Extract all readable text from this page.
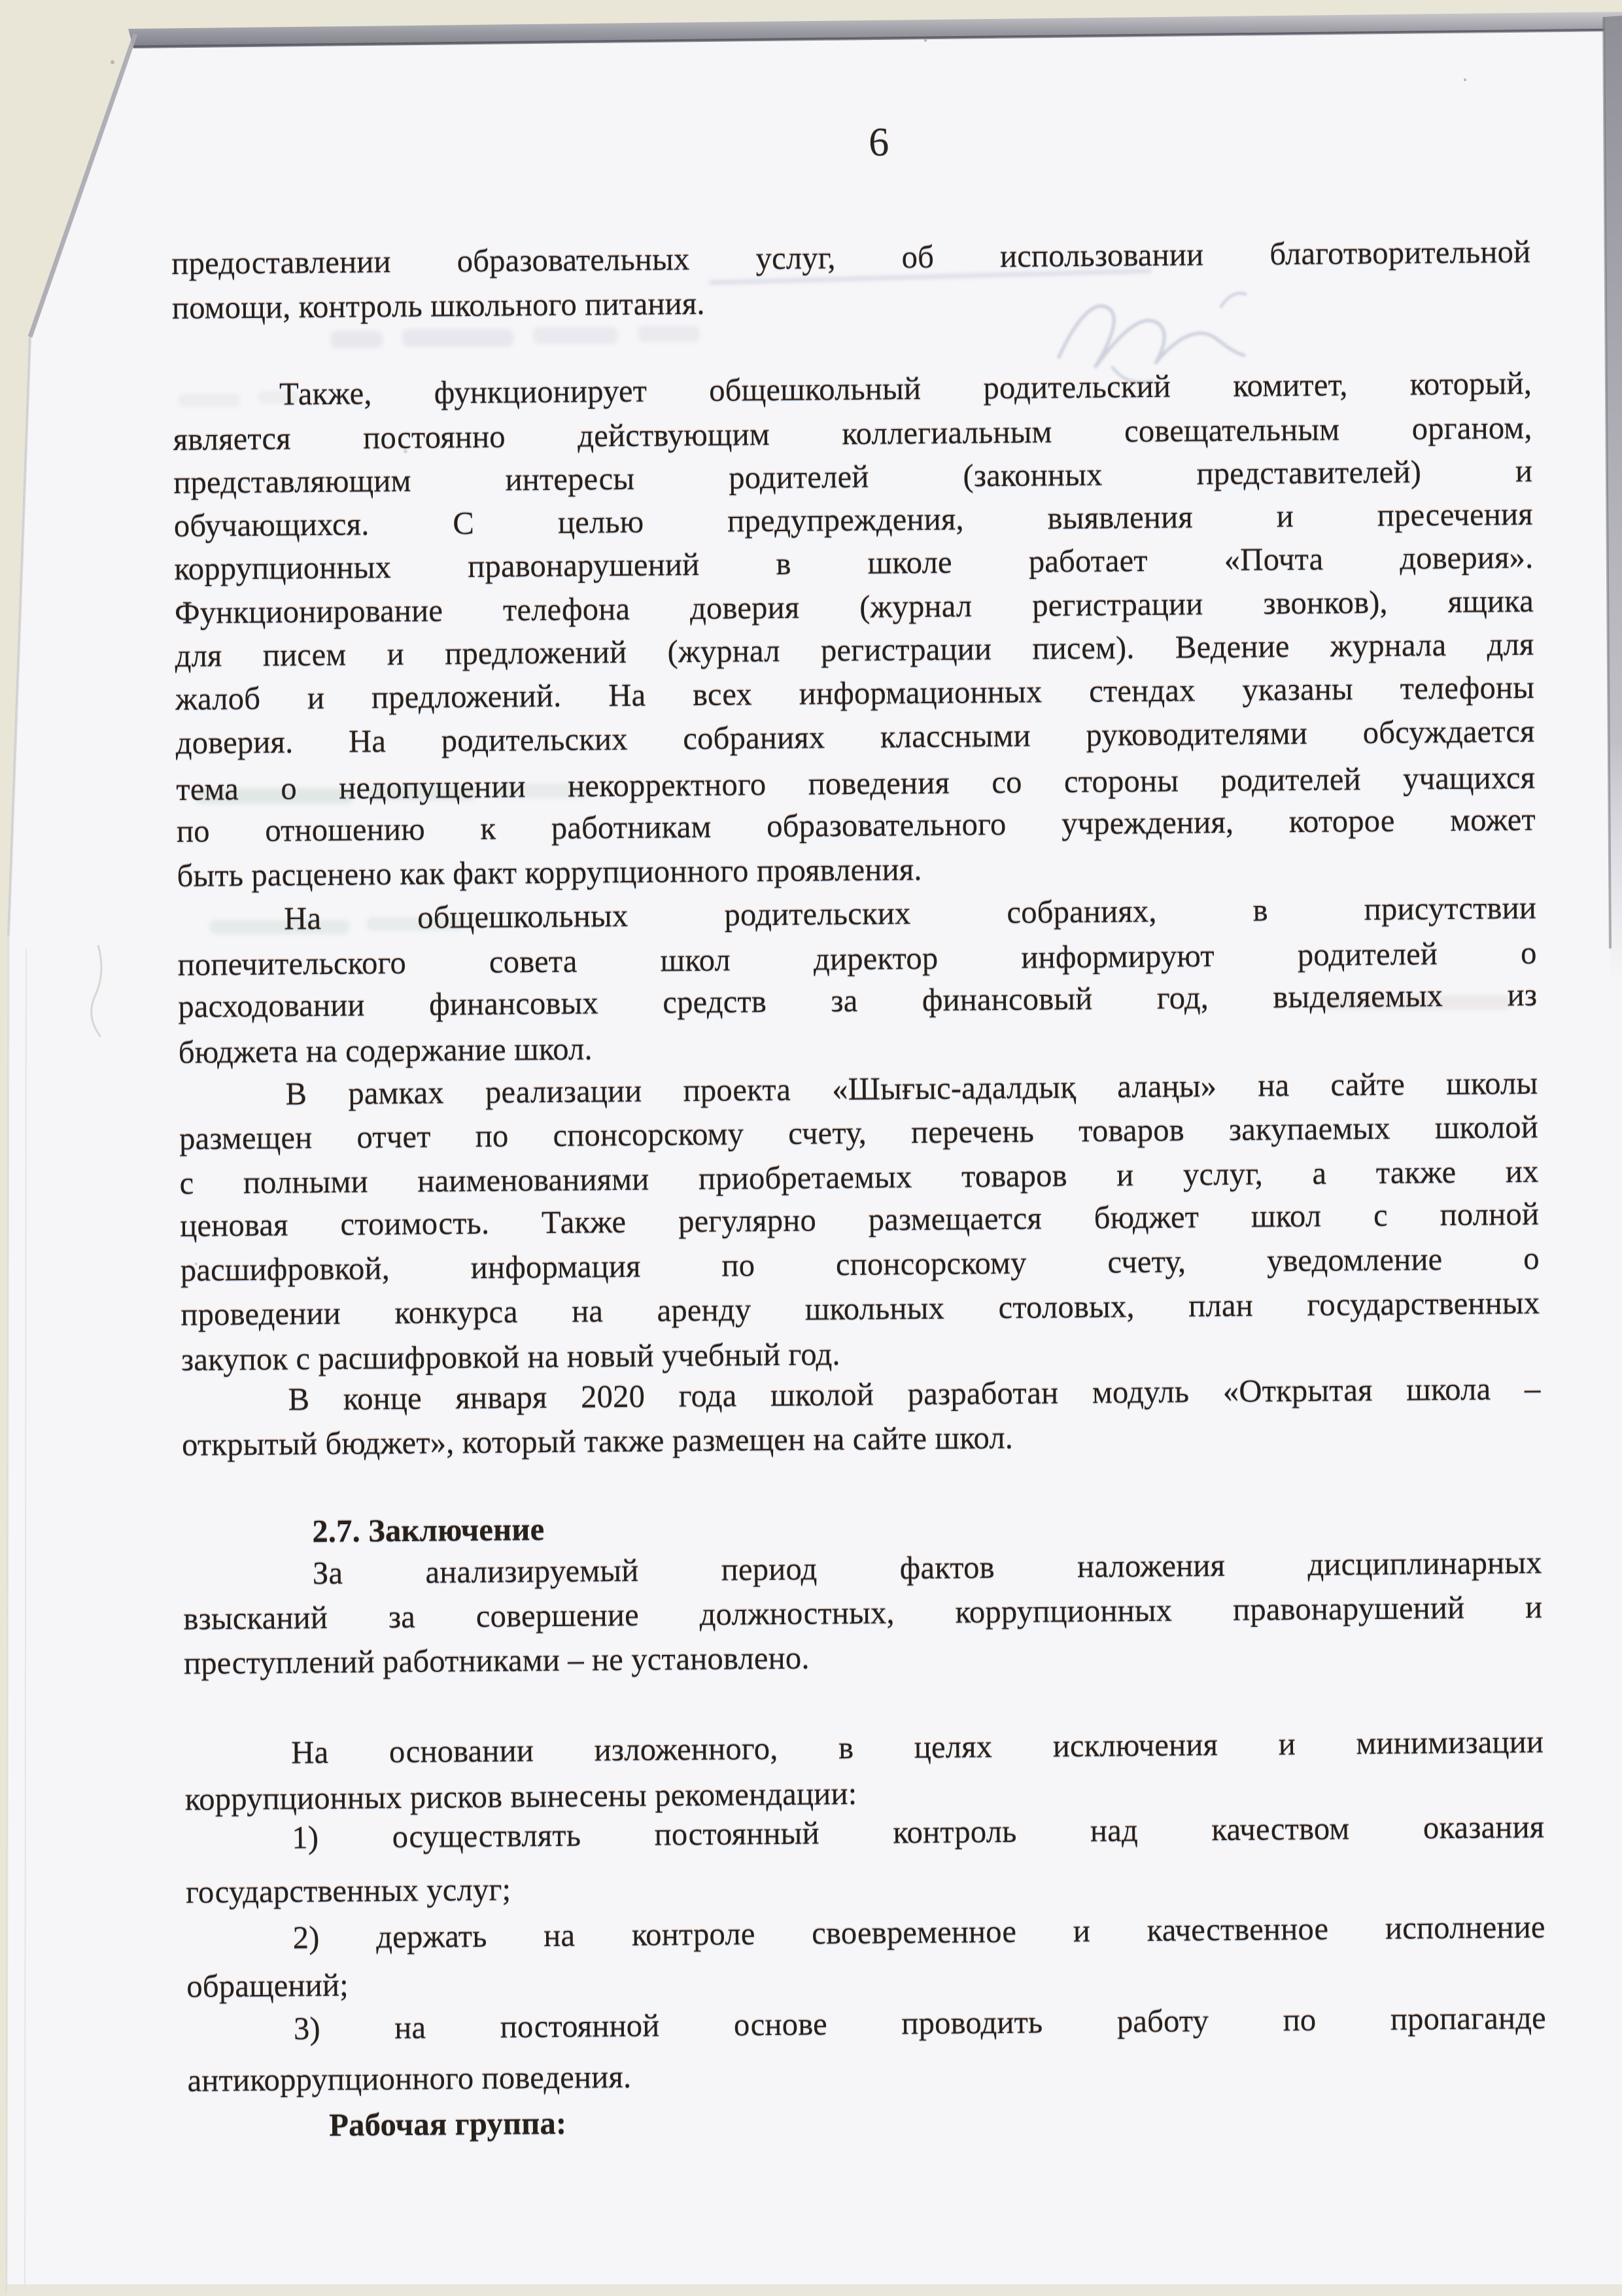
6
предоставлении образовательных услуг, об использовании благотворительной
помощи, контроль школьного питания.
Также, функционирует общешкольный родительский комитет, который,
является постоянно действующим коллегиальным совещательным органом,
представляющим интересы родителей (законных представителей) и
обучающихся. С целью предупреждения, выявления и пресечения
коррупционных правонарушений в школе работает «Почта доверия».
Функционирование телефона доверия (журнал регистрации звонков), ящика
для писем и предложений (журнал регистрации писем). Ведение журнала для
жалоб и предложений. На всех информационных стендах указаны телефоны
доверия. На родительских собраниях классными руководителями обсуждается
тема о недопущении некорректного поведения со стороны родителей учащихся
по отношению к работникам образовательного учреждения, которое может
быть расценено как факт коррупционного проявления.
На общешкольных родительских собраниях, в присутствии
попечительского совета школ директор информируют родителей о
расходовании финансовых средств за финансовый год, выделяемых из
бюджета на содержание школ.
В рамках реализации проекта «Шығыс-адалдық алаңы» на сайте школы
размещен отчет по спонсорскому счету, перечень товаров закупаемых школой
с полными наименованиями приобретаемых товаров и услуг, а также их
ценовая стоимость. Также регулярно размещается бюджет школ с полной
расшифровкой, информация по спонсорскому счету, уведомление о
проведении конкурса на аренду школьных столовых, план государственных
закупок с расшифровкой на новый учебный год.
В конце января 2020 года школой разработан модуль «Открытая школа –
открытый бюджет», который также размещен на сайте школ.
2.7. Заключение
За анализируемый период фактов наложения дисциплинарных
взысканий за совершение должностных, коррупционных правонарушений и
преступлений работниками – не установлено.
На основании изложенного, в целях исключения и минимизации
коррупционных рисков вынесены рекомендации:
1) осуществлять постоянный контроль над качеством оказания
государственных услуг;
2) держать на контроле своевременное и качественное исполнение
обращений;
3) на постоянной основе проводить работу по пропаганде
антикоррупционного поведения.
Рабочая группа:
